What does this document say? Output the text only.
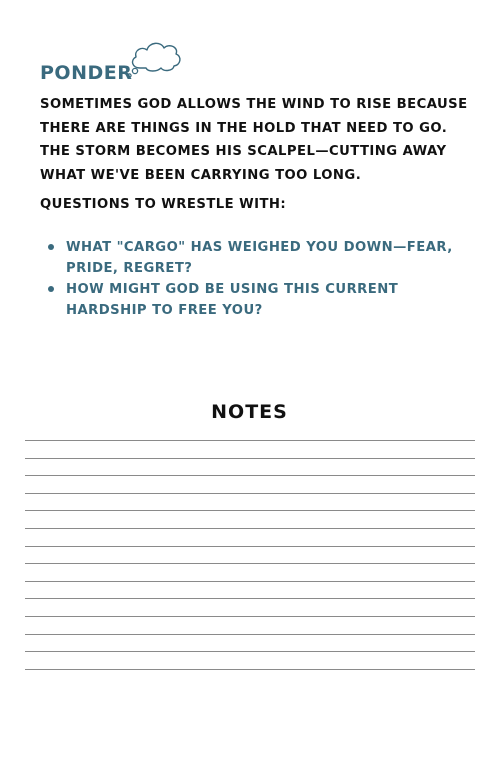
PONDER

SOMETIMES GOD ALLOWS THE WIND TO RISE BECAUSE THERE ARE THINGS IN THE HOLD THAT NEED TO GO. THE STORM BECOMES HIS SCALPEL—CUTTING AWAY WHAT WE'VE BEEN CARRYING TOO LONG.

QUESTIONS TO WRESTLE WITH:

WHAT "CARGO" HAS WEIGHED YOU DOWN—FEAR, PRIDE, REGRET?
HOW MIGHT GOD BE USING THIS CURRENT HARDSHIP TO FREE YOU?
NOTES
